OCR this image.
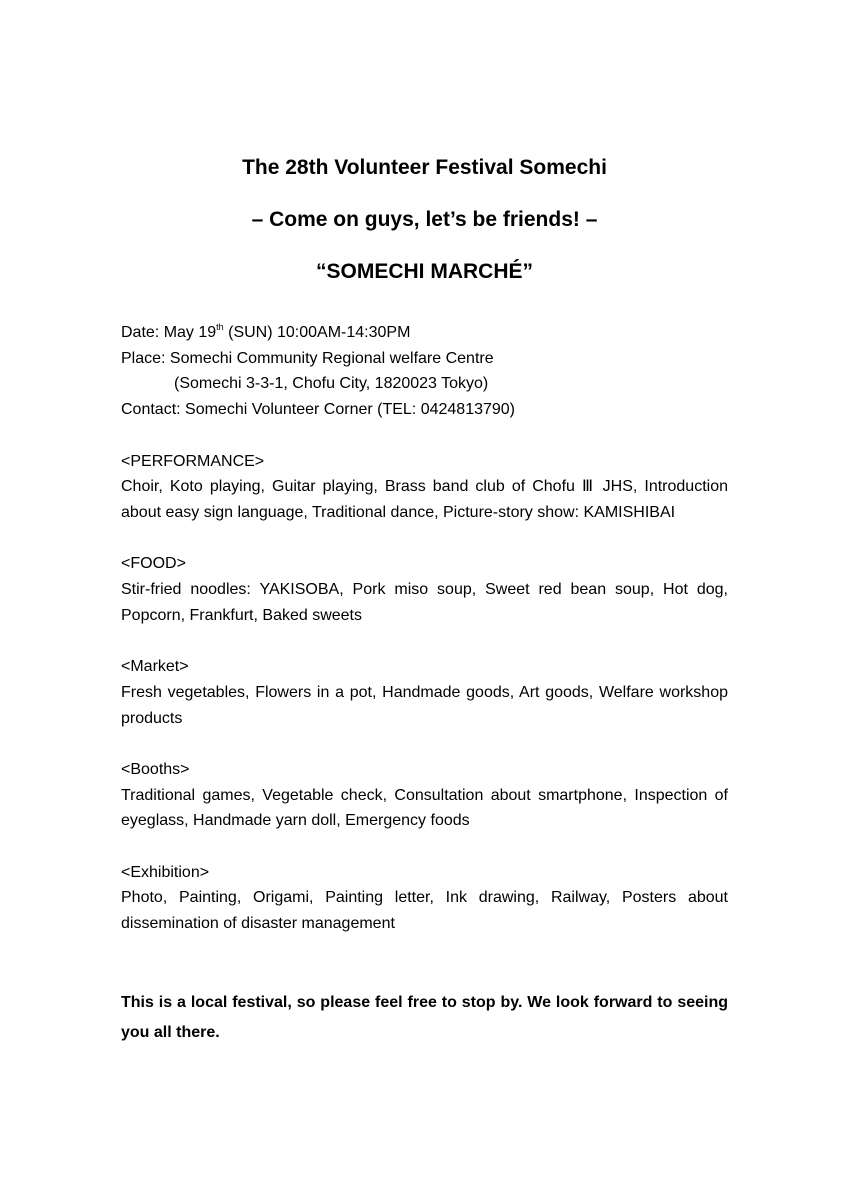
The 28th Volunteer Festival Somechi
– Come on guys, let’s be friends! –
“SOMECHI MARCHÉ”
Date: May 19th (SUN) 10:00AM-14:30PM
Place: Somechi Community Regional welfare Centre
(Somechi 3-3-1, Chofu City, 1820023 Tokyo)
Contact: Somechi Volunteer Corner (TEL: 0424813790)
<PERFORMANCE>
Choir, Koto playing, Guitar playing, Brass band club of Chofu Ⅲ JHS, Introduction about easy sign language, Traditional dance, Picture-story show: KAMISHIBAI
<FOOD>
Stir-fried noodles: YAKISOBA, Pork miso soup, Sweet red bean soup, Hot dog, Popcorn, Frankfurt, Baked sweets
<Market>
Fresh vegetables, Flowers in a pot, Handmade goods, Art goods, Welfare workshop products
<Booths>
Traditional games, Vegetable check, Consultation about smartphone, Inspection of eyeglass, Handmade yarn doll, Emergency foods
<Exhibition>
Photo, Painting, Origami, Painting letter, Ink drawing, Railway, Posters about dissemination of disaster management
This is a local festival, so please feel free to stop by. We look forward to seeing you all there.
